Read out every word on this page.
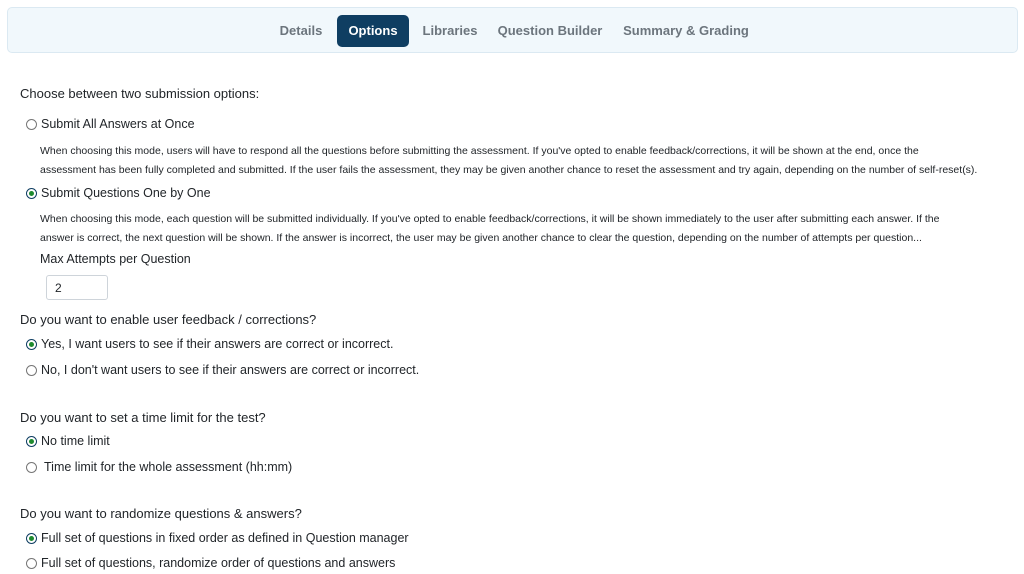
Details	Options	Libraries	Question Builder	Summary & Grading
Choose between two submission options:
Submit All Answers at Once
When choosing this mode, users will have to respond all the questions before submitting the assessment. If you've opted to enable feedback/corrections, it will be shown at the end, once the
assessment has been fully completed and submitted. If the user fails the assessment, they may be given another chance to reset the assessment and try again, depending on the number of self-reset(s).
Submit Questions One by One
When choosing this mode, each question will be submitted individually. If you've opted to enable feedback/corrections, it will be shown immediately to the user after submitting each answer. If the
answer is correct, the next question will be shown. If the answer is incorrect, the user may be given another chance to clear the question, depending on the number of attempts per question...
Max Attempts per Question
2
Do you want to enable user feedback / corrections?
Yes, I want users to see if their answers are correct or incorrect.
No, I don't want users to see if their answers are correct or incorrect.
Do you want to set a time limit for the test?
No time limit
Time limit for the whole assessment (hh:mm)
Do you want to randomize questions & answers?
Full set of questions in fixed order as defined in Question manager
Full set of questions, randomize order of questions and answers
